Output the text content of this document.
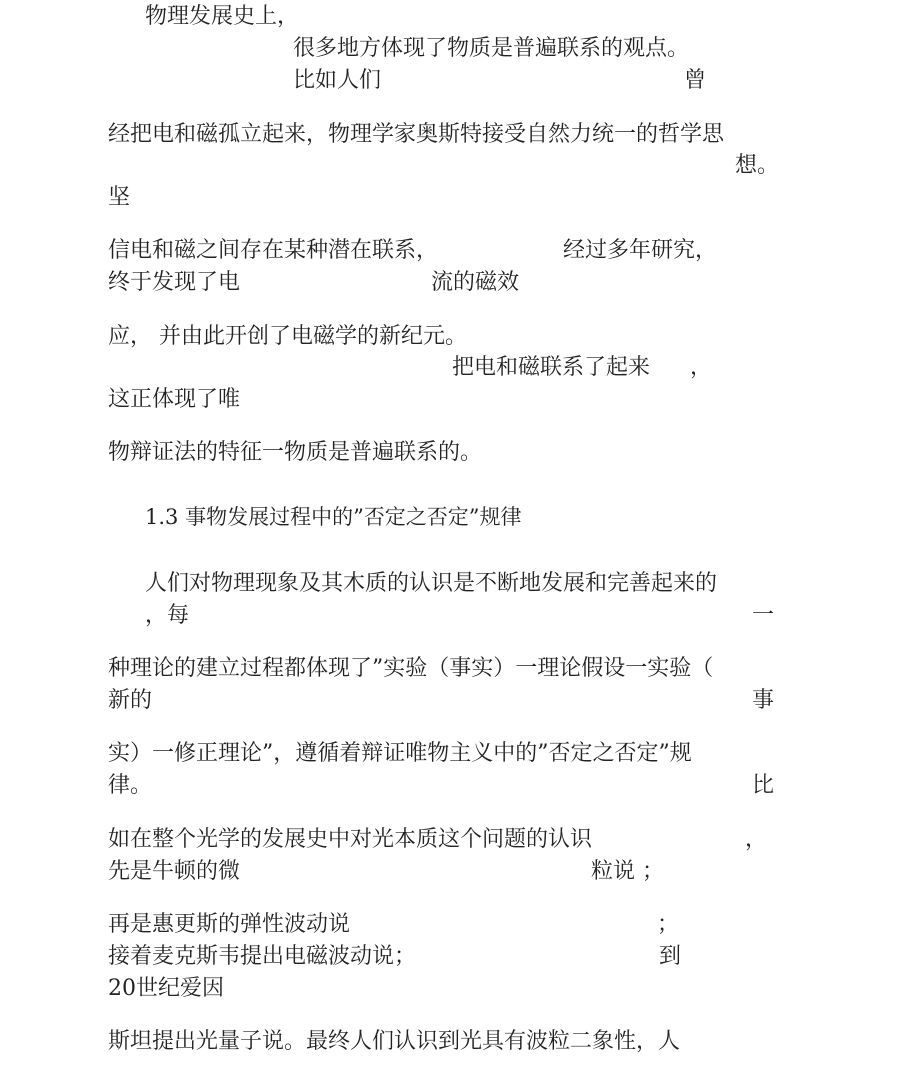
物理发展史上，
很多地方体现了物质是普遍联系的观点。
比如人们	曾
经把电和磁孤立起来，物理学家奥斯特接受自然力统一的哲学思
想。
坚
信电和磁之间存在某种潜在联系，	经过多年研究，
终于发现了电	流的磁效
应， 并由此开创了电磁学的新纪元。
把电和磁联系了起来 ，
这正体现了唯
物辩证法的特征一物质是普遍联系的。
1.3 事物发展过程中的”否定之否定”规律
人们对物理现象及其木质的认识是不断地发展和完善起来的
，每	一
种理论的建立过程都体现了”实验（事实）一理论假设一实验（
新的	事
实）一修正理论”，遵循着辩证唯物主义中的”否定之否定”规
律。	比
如在整个光学的发展史中对光本质这个问题的认识	，
先是牛顿的微	粒说 ；
再是惠更斯的弹性波动说	；
接着麦克斯韦提出电磁波动说；	到
20世纪爱因
斯坦提出光量子说。最终人们认识到光具有波粒二象性，人
